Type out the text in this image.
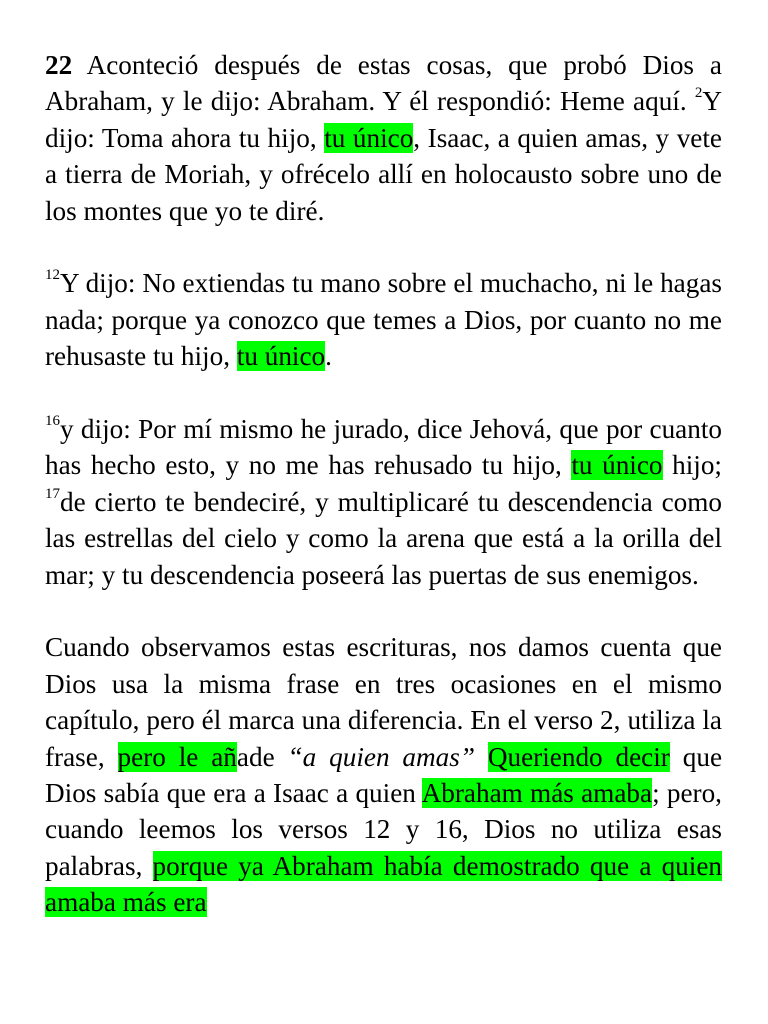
22 Aconteció después de estas cosas, que probó Dios a Abraham, y le dijo: Abraham. Y él respondió: Heme aquí. $^2$Y dijo: Toma ahora tu hijo, tu único, Isaac, a quien amas, y vete a tierra de Moriah, y ofrécelo allí en holocausto sobre uno de los montes que yo te diré.

$^{12}$Y dijo: No extiendas tu mano sobre el muchacho, ni le hagas nada; porque ya conozco que temes a Dios, por cuanto no me rehusaste tu hijo, tu único.

$^{16}$y dijo: Por mí mismo he jurado, dice Jehová, que por cuanto has hecho esto, y no me has rehusado tu hijo, tu único hijo; $^{17}$de cierto te bendeciré, y multiplicaré tu descendencia como las estrellas del cielo y como la arena que está a la orilla del mar; y tu descendencia poseerá las puertas de sus enemigos.

Cuando observamos estas escrituras, nos damos cuenta que Dios usa la misma frase en tres ocasiones en el mismo capítulo, pero él marca una diferencia. En el verso 2, utiliza la frase, pero le añade “a quien amas” Queriendo decir que Dios sabía que era a Isaac a quien Abraham más amaba; pero, cuando leemos los versos 12 y 16, Dios no utiliza esas palabras, porque ya Abraham había demostrado que a quien amaba más era
